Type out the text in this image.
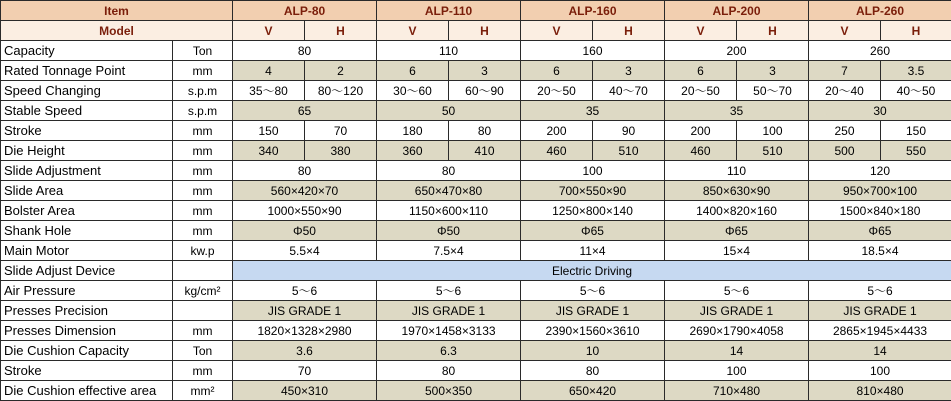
Item		ALP-80		ALP-110		ALP-160		ALP-200		ALP-260	
Model		V	H	V	H	V	H	V	H	V	H
Capacity	Ton	80		110		160		200		260	
Rated Tonnage Point	mm	4	2	6	3	6	3	6	3	7	3.5
Speed Changing	s.p.m	35～80	80～120	30～60	60～90	20～50	40～70	20～50	50～70	20～40	40～50
Stable Speed	s.p.m	65		50		35		35		30	
Stroke	mm	150	70	180	80	200	90	200	100	250	150
Die Height	mm	340	380	360	410	460	510	460	510	500	550
Slide Adjustment	mm	80		80		100		110		120	
Slide Area	mm	560×420×70		650×470×80		700×550×90		850×630×90		950×700×100	
Bolster Area	mm	1000×550×90		1150×600×110		1250×800×140		1400×820×160		1500×840×180	
Shank Hole	mm	Φ50		Φ50		Φ65		Φ65		Φ65	
Main Motor	kw.p	5.5×4		7.5×4		11×4		15×4		18.5×4	
Slide Adjust Device		Electric Driving									
Air Pressure	kg/cm²	5～6		5～6		5～6		5～6		5～6	
Presses Precision		JIS GRADE 1		JIS GRADE 1		JIS GRADE 1		JIS GRADE 1		JIS GRADE 1	
Presses Dimension	mm	1820×1328×2980		1970×1458×3133		2390×1560×3610		2690×1790×4058		2865×1945×4433	
Die Cushion Capacity	Ton	3.6		6.3		10		14		14	
Stroke	mm	70		80		80		100		100	
Die Cushion effective area	mm²	450×310		500×350		650×420		710×480		810×480	
